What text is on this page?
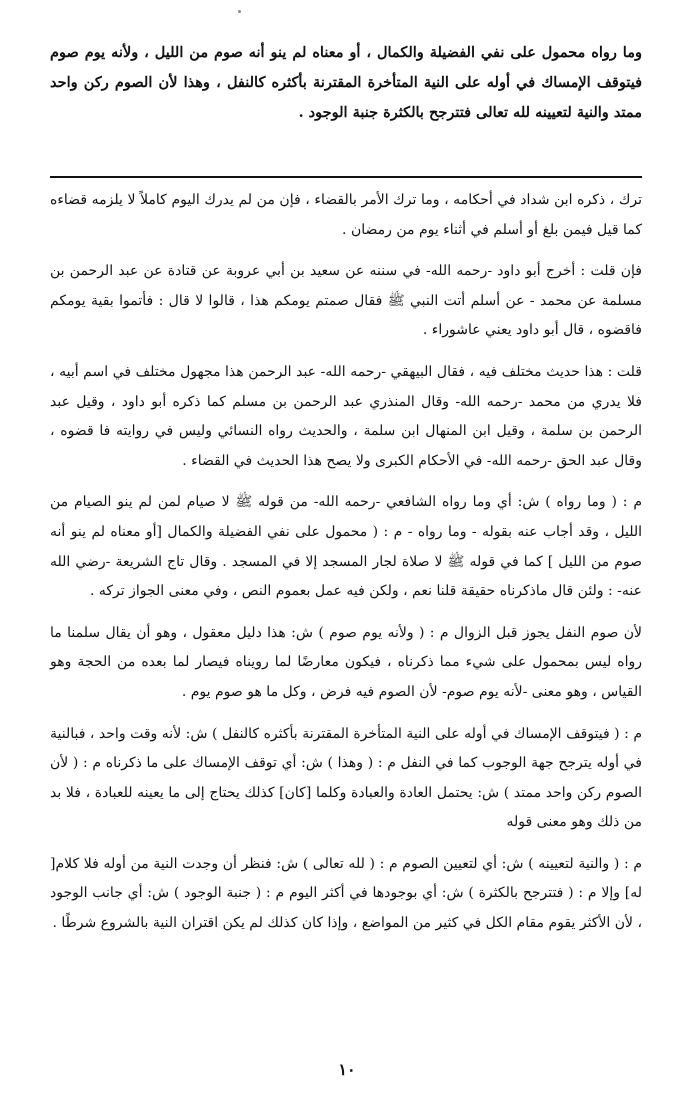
وما رواه محمول على نفي الفضيلة والكمال ، أو معناه لم ينو أنه صوم من الليل ، ولأنه يوم صوم فيتوقف الإمساك في أوله على النية المتأخرة المقترنة بأكثره كالنفل ، وهذا لأن الصوم ركن واحد ممتد والنية لتعيينه لله تعالى فتترجح بالكثرة جنبة الوجود .

ترك ، ذكره ابن شداد في أحكامه ، وما ترك الأمر بالقضاء ، فإن من لم يدرك اليوم كاملاً لا يلزمه قضاءه كما قيل فيمن بلغ أو أسلم في أثناء يوم من رمضان .

فإن قلت : أخرج أبو داود -رحمه الله- في سننه عن سعيد بن أبي عروبة عن قتادة عن عبد الرحمن بن مسلمة عن محمد - عن أسلم أتت النبي ﷺ فقال صمتم يومكم هذا ، قالوا لا قال : فأتموا بقية يومكم فاقضوه ، قال أبو داود يعني عاشوراء .

قلت : هذا حديث مختلف فيه ، فقال البيهقي -رحمه الله- عبد الرحمن هذا مجهول مختلف في اسم أبيه ، فلا يدري من محمد -رحمه الله- وقال المنذري عبد الرحمن بن مسلم كما ذكره أبو داود ، وقيل عبد الرحمن بن سلمة ، وقيل ابن المنهال ابن سلمة ، والحديث رواه النسائي وليس في روايته فا قضوه ، وقال عبد الحق -رحمه الله- في الأحكام الكبرى ولا يصح هذا الحديث في القضاء .

م : ( وما رواه ) ش: أي وما رواه الشافعي -رحمه الله- من قوله ﷺ لا صيام لمن لم ينو الصيام من الليل ، وقد أجاب عنه بقوله - وما رواه - م : ( محمول على نفي الفضيلة والكمال [أو معناه لم ينو أنه صوم من الليل ] كما في قوله ﷺ لا صلاة لجار المسجد إلا في المسجد . وقال تاج الشريعة -رضي الله عنه- : ولئن قال ماذكرناه حقيقة قلنا نعم ، ولكن فيه عمل بعموم النص ، وفي معنى الجواز تركه .

لأن صوم النفل يجوز قبل الزوال م : ( ولأنه يوم صوم ) ش: هذا دليل معقول ، وهو أن يقال سلمنا ما رواه ليس بمحمول على شيء مما ذكرناه ، فيكون معارضًا لما رويناه فيصار لما بعده من الحجة وهو القياس ، وهو معنى -لأنه يوم صوم- لأن الصوم فيه فرض ، وكل ما هو صوم يوم .

م : ( فيتوقف الإمساك في أوله على النية المتأخرة المقترنة بأكثره كالنفل ) ش: لأنه وقت واحد ، فبالنية في أوله يترجح جهة الوجوب كما في النفل م : ( وهذا ) ش: أي توقف الإمساك على ما ذكرناه م : ( لأن الصوم ركن واحد ممتد ) ش: يحتمل العادة والعبادة وكلما [كان] كذلك يحتاج إلى ما يعينه للعبادة ، فلا بد من ذلك وهو معنى قوله

م : ( والنية لتعيينه ) ش: أي لتعيين الصوم م : ( لله تعالى ) ش: فنظر أن وجدت النية من أوله فلا كلام[ له] وإلا م : ( فتترجح بالكثرة ) ش: أي بوجودها في أكثر اليوم م : ( جنبة الوجود ) ش: أي جانب الوجود ، لأن الأكثر يقوم مقام الكل في كثير من المواضع ، وإذا كان كذلك لم يكن اقتران النية بالشروع شرطًا .

١٠
